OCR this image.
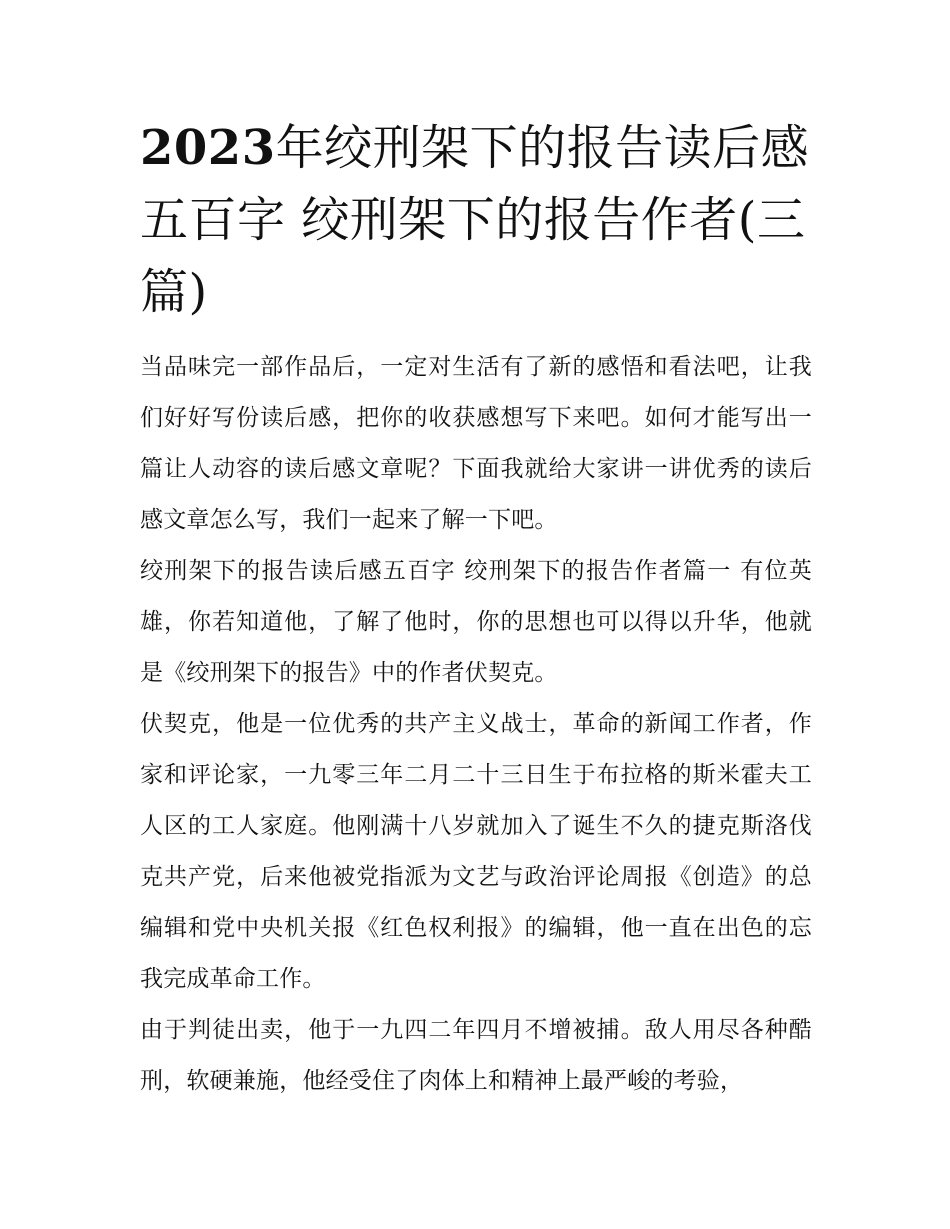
2023年绞刑架下的报告读后感五百字 绞刑架下的报告作者(三篇)

当品味完一部作品后，一定对生活有了新的感悟和看法吧，让我们好好写份读后感，把你的收获感想写下来吧。如何才能写出一篇让人动容的读后感文章呢？下面我就给大家讲一讲优秀的读后感文章怎么写，我们一起来了解一下吧。

绞刑架下的报告读后感五百字 绞刑架下的报告作者篇一 有位英雄，你若知道他，了解了他时，你的思想也可以得以升华，他就是《绞刑架下的报告》中的作者伏契克。

伏契克，他是一位优秀的共产主义战士，革命的新闻工作者，作家和评论家，一九零三年二月二十三日生于布拉格的斯米霍夫工人区的工人家庭。他刚满十八岁就加入了诞生不久的捷克斯洛伐克共产党，后来他被党指派为文艺与政治评论周报《创造》的总编辑和党中央机关报《红色权利报》的编辑，他一直在出色的忘我完成革命工作。

由于判徒出卖，他于一九四二年四月不增被捕。敌人用尽各种酷刑，软硬兼施，他经受住了肉体上和精神上最严峻的考验，
